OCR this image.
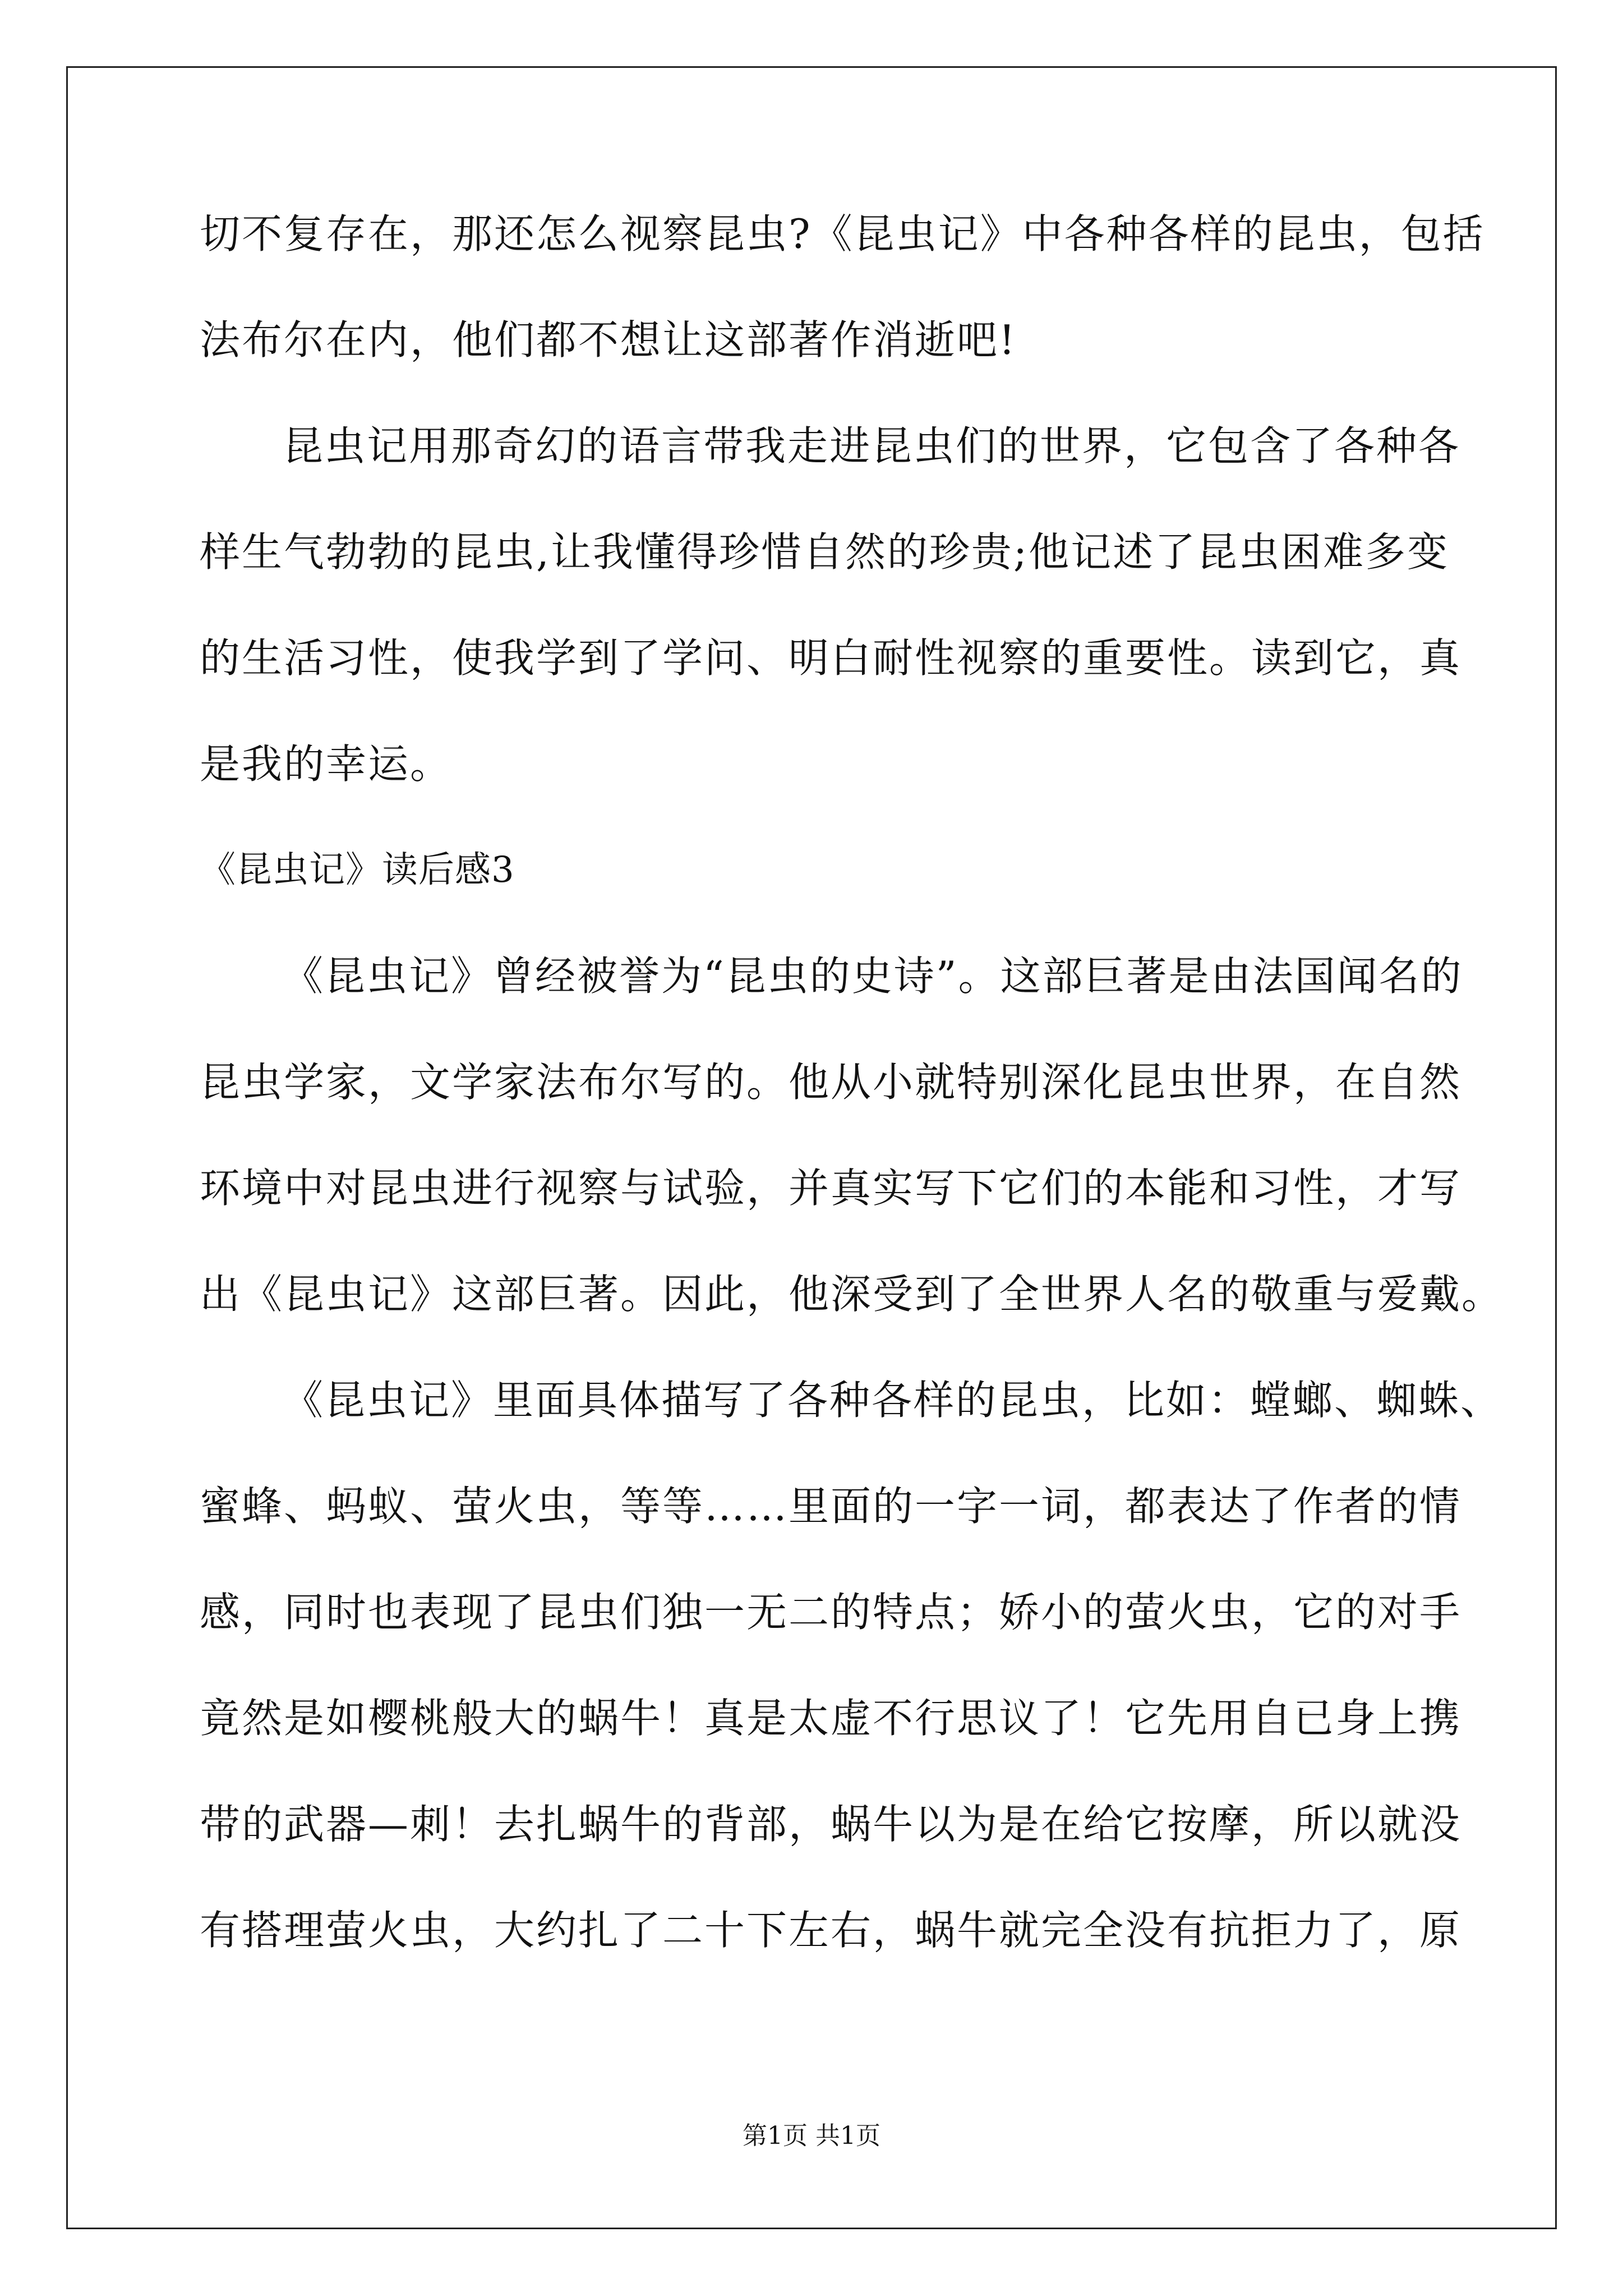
切不复存在，那还怎么视察昆虫?《昆虫记》中各种各样的昆虫，包括
法布尔在内，他们都不想让这部著作消逝吧!
昆虫记用那奇幻的语言带我走进昆虫们的世界，它包含了各种各
样生气勃勃的昆虫,让我懂得珍惜自然的珍贵;他记述了昆虫困难多变
的生活习性，使我学到了学问、明白耐性视察的重要性。读到它，真
是我的幸运。
《昆虫记》读后感3
《昆虫记》曾经被誉为“昆虫的史诗”。这部巨著是由法国闻名的
昆虫学家，文学家法布尔写的。他从小就特别深化昆虫世界，在自然
环境中对昆虫进行视察与试验，并真实写下它们的本能和习性，才写
出《昆虫记》这部巨著。因此，他深受到了全世界人名的敬重与爱戴。
《昆虫记》里面具体描写了各种各样的昆虫，比如：螳螂、蜘蛛、
蜜蜂、蚂蚁、萤火虫，等等……里面的一字一词，都表达了作者的情
感，同时也表现了昆虫们独一无二的特点；娇小的萤火虫，它的对手
竟然是如樱桃般大的蜗牛！真是太虚不行思议了！它先用自已身上携
带的武器—刺！去扎蜗牛的背部，蜗牛以为是在给它按摩，所以就没
有搭理萤火虫，大约扎了二十下左右，蜗牛就完全没有抗拒力了，原
第1页 共1页
